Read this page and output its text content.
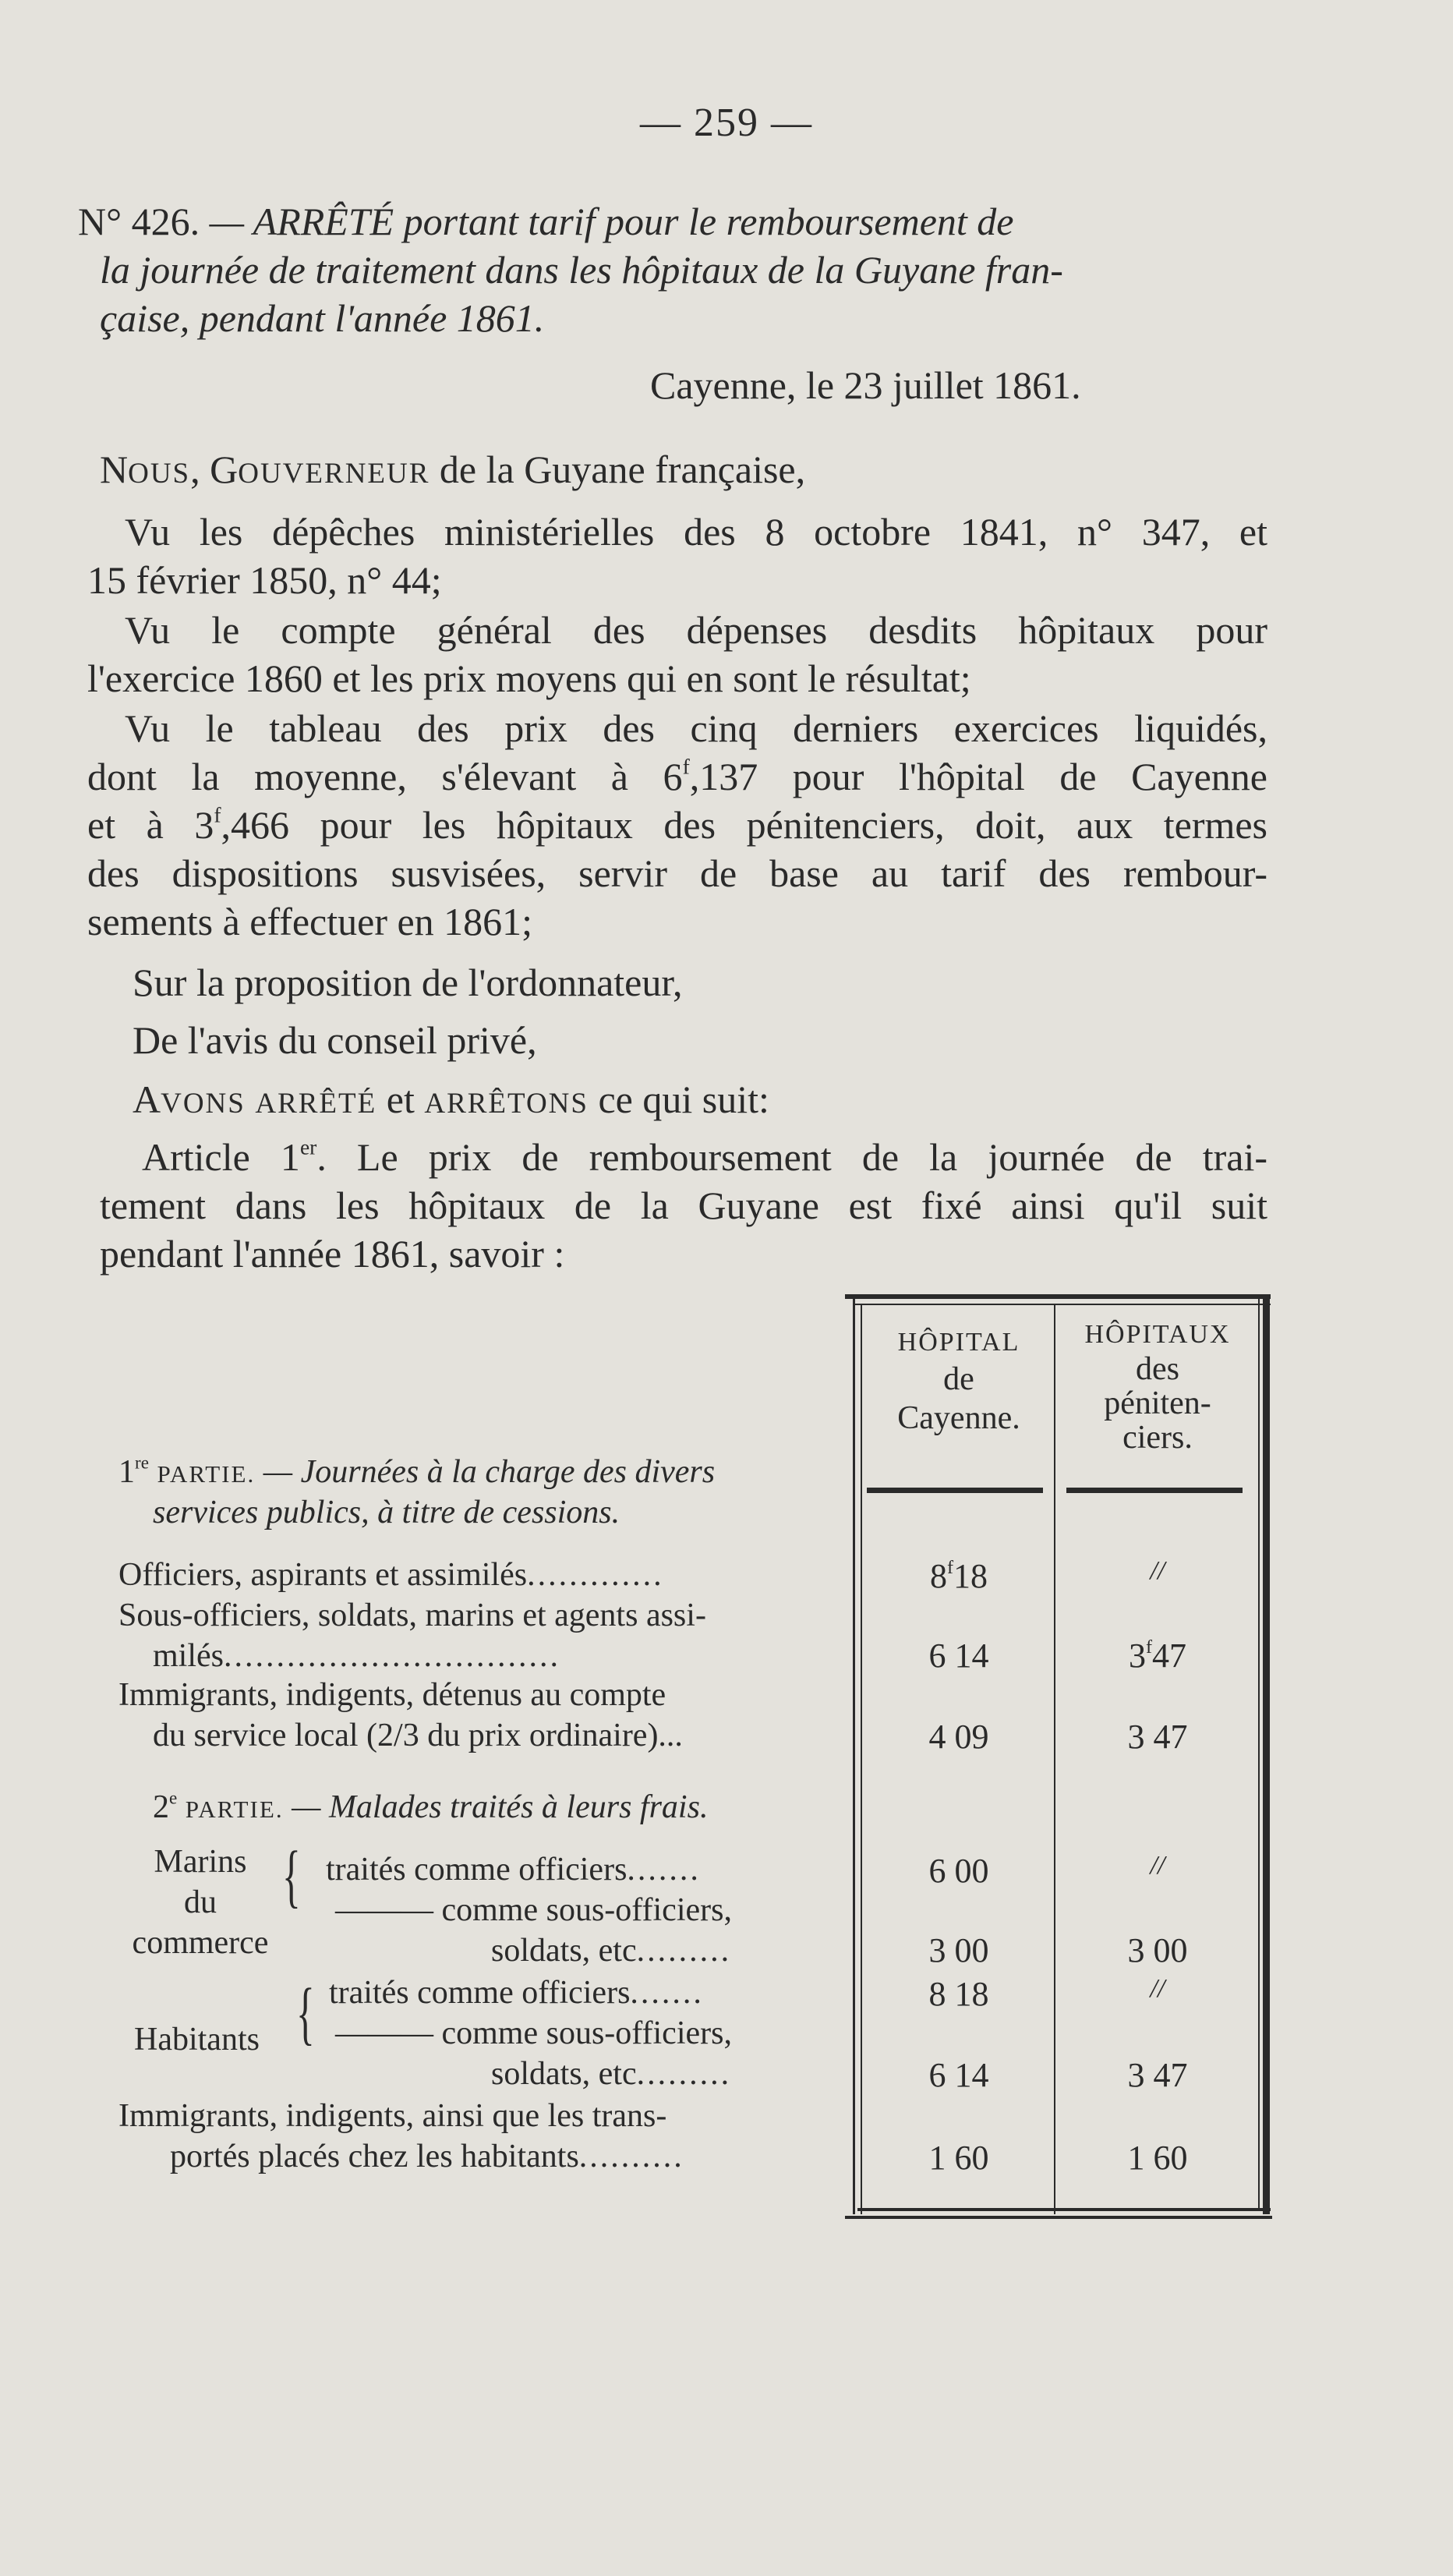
— 259 —
N° 426. — ARRÊTÉ portant tarif pour le remboursement de
la journée de traitement dans les hôpitaux de la Guyane fran-
çaise, pendant l'année 1861.
Cayenne, le 23 juillet 1861.
NOUS, GOUVERNEUR de la Guyane française,
Vu les dépêches ministérielles des 8 octobre 1841, n° 347, et
15 février 1850, n° 44;
Vu le compte général des dépenses desdits hôpitaux pour
l'exercice 1860 et les prix moyens qui en sont le résultat;
Vu le tableau des prix des cinq derniers exercices liquidés,
dont la moyenne, s'élevant à 6$^f$,137 pour l'hôpital de Cayenne
et à 3$^f$,466 pour les hôpitaux des pénitenciers, doit, aux termes
des dispositions susvisées, servir de base au tarif des rembour-
sements à effectuer en 1861;
Sur la proposition de l'ordonnateur,
De l'avis du conseil privé,
AVONS ARRÊTÉ et ARRÊTONS ce qui suit:
Article 1er. Le prix de remboursement de la journée de trai-
tement dans les hôpitaux de la Guyane est fixé ainsi qu'il suit
pendant l'année 1861, savoir :
HÔPITAL
de
Cayenne.
HÔPITAUX
des
péniten-
ciers.
1re PARTIE. — Journées à la charge des divers
services publics, à titre de cessions.
Officiers, aspirants et assimilés.............	8$^f$18	//
Sous-officiers, soldats, marins et agents assi-
milés................................	6 14	3$^f$47
Immigrants, indigents, détenus au compte
du service local (2/3 du prix ordinaire)...	4 09	3 47
2e PARTIE. — Malades traités à leurs frais.
Marins
du
commerce
{ traités comme officiers.......	6 00	//
——— comme sous-officiers,
soldats, etc.........	3 00	3 00
Habitants { traités comme officiers.......	8 18	//
——— comme sous-officiers,
soldats, etc.........	6 14	3 47
Immigrants, indigents, ainsi que les trans-
portés placés chez les habitants..........	1 60	1 60
